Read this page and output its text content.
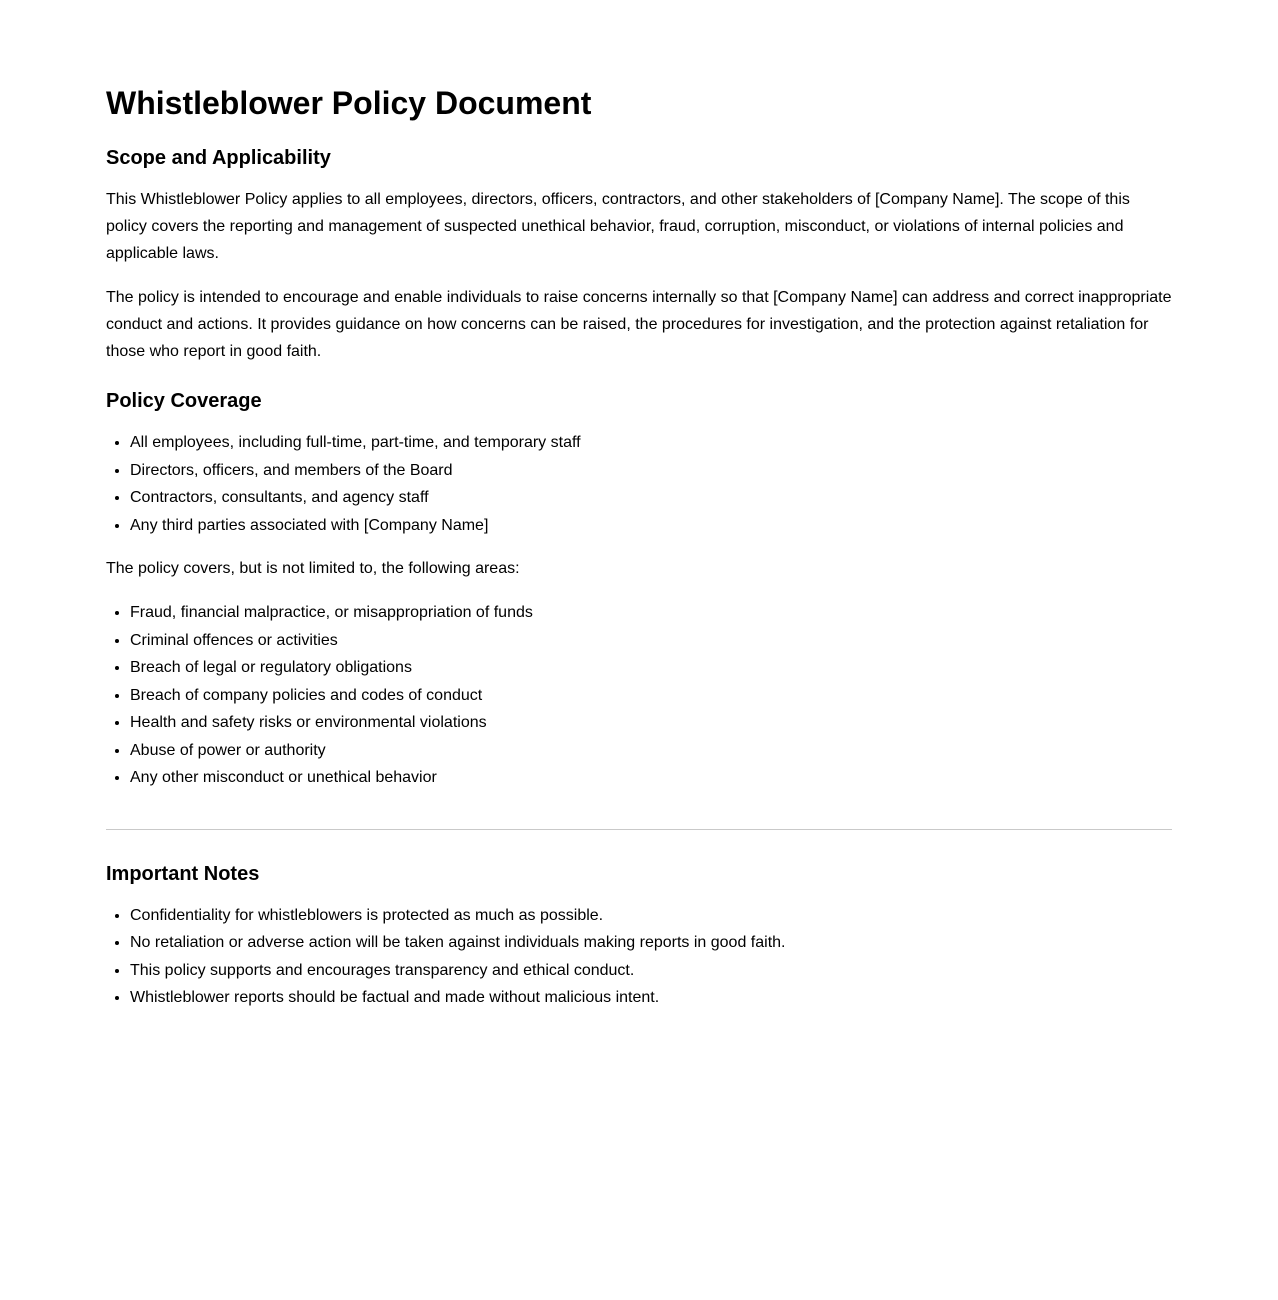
Whistleblower Policy Document
Scope and Applicability

This Whistleblower Policy applies to all employees, directors, officers, contractors, and other stakeholders of [Company Name]. The scope of this policy covers the reporting and management of suspected unethical behavior, fraud, corruption, misconduct, or violations of internal policies and applicable laws.

The policy is intended to encourage and enable individuals to raise concerns internally so that [Company Name] can address and correct inappropriate conduct and actions. It provides guidance on how concerns can be raised, the procedures for investigation, and the protection against retaliation for those who report in good faith.

Policy Coverage
• All employees, including full-time, part-time, and temporary staff
• Directors, officers, and members of the Board
• Contractors, consultants, and agency staff
• Any third parties associated with [Company Name]

The policy covers, but is not limited to, the following areas:

• Fraud, financial malpractice, or misappropriation of funds
• Criminal offences or activities
• Breach of legal or regulatory obligations
• Breach of company policies and codes of conduct
• Health and safety risks or environmental violations
• Abuse of power or authority
• Any other misconduct or unethical behavior
Important Notes
• Confidentiality for whistleblowers is protected as much as possible.
• No retaliation or adverse action will be taken against individuals making reports in good faith.
• This policy supports and encourages transparency and ethical conduct.
• Whistleblower reports should be factual and made without malicious intent.
